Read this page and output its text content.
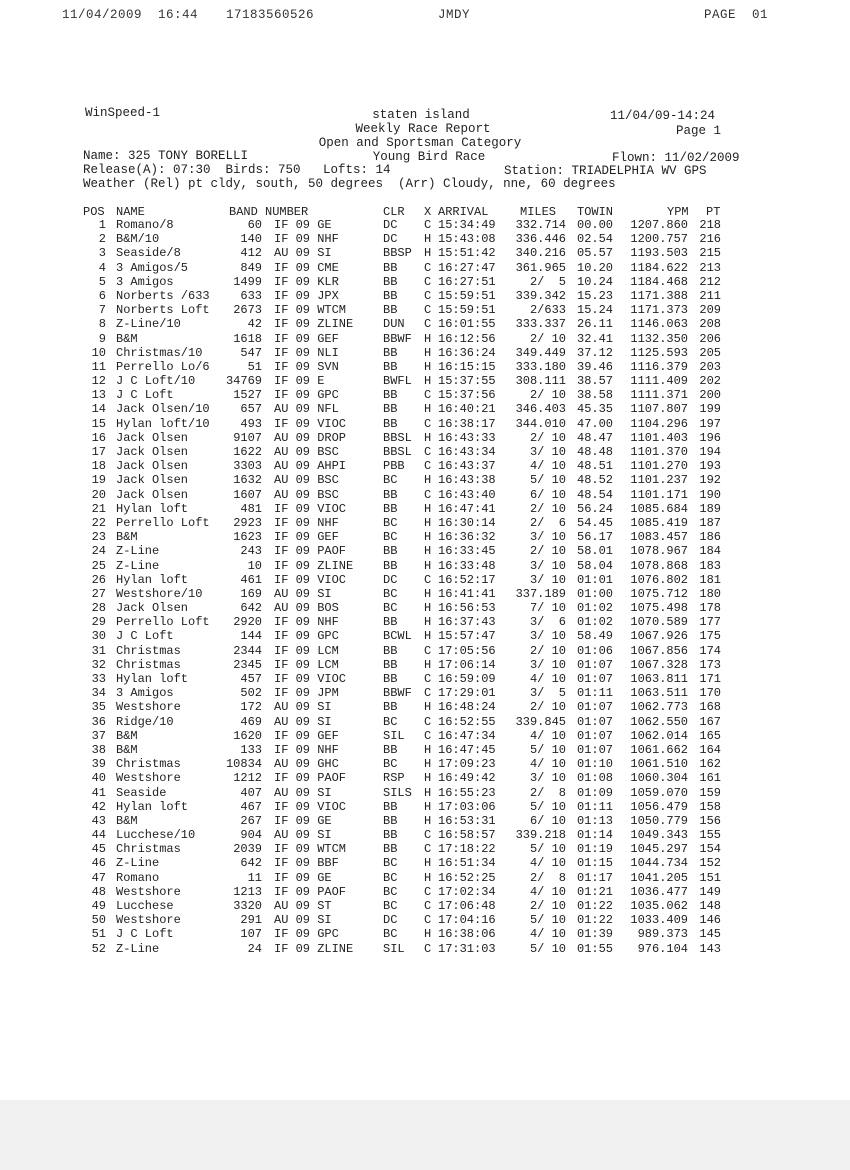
11/04/2009  16:44 17183560526	JMDY	PAGE  01
WinSpeed-1	staten island	11/04/09-14:24
Weekly Race Report	Page 1
Open and Sportsman Category
Name: 325 TONY BORELLI	Young Bird Race	Flown: 11/02/2009
Release(A): 07:30  Birds: 750   Lofts: 14	Station: TRIADELPHIA WV GPS
Weather (Rel) pt cldy, south, 50 degrees  (Arr) Cloudy, nne, 60 degrees
POS NAME	BAND NUMBER	CLR X ARRIVAL	MILES TOWIN	YPM PT
1 Romano/8	60 IF 09 GE	DC C 15:34:49 332.714 00.00 1207.860 218
2 B&M/10	140 IF 09 NHF	DC H 15:43:08 336.446 02.54 1200.757 216
3 Seaside/8	412 AU 09 SI	BBSP H 15:51:42 340.216 05.57 1193.503 215
4 3 Amigos/5	849 IF 09 CME	BB C 16:27:47 361.965 10.20 1184.622 213
5 3 Amigos	1499 IF 09 KLR	BB C 16:27:51	2/  5 10.24 1184.468 212
6 Norberts /633	633 IF 09 JPX	BB C 15:59:51 339.342 15.23 1171.388 211
7 Norberts Loft 2673 IF 09 WTCM	BB C 15:59:51	2/633 15.24 1171.373 209
8 Z-Line/10	42 IF 09 ZLINE DUN C 16:01:55 333.337 26.11 1146.063 208
9 B&M	1618 IF 09 GEF	BBWF H 16:12:56	2/ 10 32.41 1132.350 206
10 Christmas/10	547 IF 09 NLI	BB H 16:36:24 349.449 37.12 1125.593 205
11 Perrello Lo/6	51 IF 09 SVN	BB H 16:15:15 333.180 39.46 1116.379 203
12 J C Loft/10	34769 IF 09 E	BWFL H 15:37:55 308.111 38.57 1111.409 202
13 J C Loft	1527 IF 09 GPC	BB C 15:37:56	2/ 10 38.58 1111.371 200
14 Jack Olsen/10	657 AU 09 NFL	BB H 16:40:21 346.403 45.35 1107.807 199
15 Hylan loft/10	493 IF 09 VIOC	BB C 16:38:17 344.010 47.00 1104.296 197
16 Jack Olsen	9107 AU 09 DROP	BBSL H 16:43:33	2/ 10 48.47 1101.403 196
17 Jack Olsen	1622 AU 09 BSC	BBSL C 16:43:34	3/ 10 48.48 1101.370 194
18 Jack Olsen	3303 AU 09 AHPI	PBB C 16:43:37	4/ 10 48.51 1101.270 193
19 Jack Olsen	1632 AU 09 BSC	BC H 16:43:38	5/ 10 48.52 1101.237 192
20 Jack Olsen	1607 AU 09 BSC	BB C 16:43:40	6/ 10 48.54 1101.171 190
21 Hylan loft	481 IF 09 VIOC	BB H 16:47:41	2/ 10 56.24 1085.684 189
22 Perrello Loft 2923 IF 09 NHF	BC H 16:30:14	2/  6 54.45 1085.419 187
23 B&M	1623 IF 09 GEF	BC H 16:36:32	3/ 10 56.17 1083.457 186
24 Z-Line	243 IF 09 PAOF	BB H 16:33:45	2/ 10 58.01 1078.967 184
25 Z-Line	10 IF 09 ZLINE BB H 16:33:48	3/ 10 58.04 1078.868 183
26 Hylan loft	461 IF 09 VIOC	DC C 16:52:17	3/ 10 01:01 1076.802 181
27 Westshore/10	169 AU 09 SI	BC H 16:41:41 337.189 01:00 1075.712 180
28 Jack Olsen	642 AU 09 BOS	BC H 16:56:53	7/ 10 01:02 1075.498 178
29 Perrello Loft 2920 IF 09 NHF	BB H 16:37:43	3/  6 01:02 1070.589 177
30 J C Loft	144 IF 09 GPC	BCWL H 15:57:47	3/ 10 58.49 1067.926 175
31 Christmas	2344 IF 09 LCM	BB C 17:05:56	2/ 10 01:06 1067.856 174
32 Christmas	2345 IF 09 LCM	BB H 17:06:14	3/ 10 01:07 1067.328 173
33 Hylan loft	457 IF 09 VIOC	BB C 16:59:09	4/ 10 01:07 1063.811 171
34 3 Amigos	502 IF 09 JPM	BBWF C 17:29:01	3/  5 01:11 1063.511 170
35 Westshore	172 AU 09 SI	BB H 16:48:24	2/ 10 01:07 1062.773 168
36 Ridge/10	469 AU 09 SI	BC C 16:52:55 339.845 01:07 1062.550 167
37 B&M	1620 IF 09 GEF	SIL C 16:47:34	4/ 10 01:07 1062.014 165
38 B&M	133 IF 09 NHF	BB H 16:47:45	5/ 10 01:07 1061.662 164
39 Christmas	10834 AU 09 GHC	BC H 17:09:23	4/ 10 01:10 1061.510 162
40 Westshore	1212 IF 09 PAOF	RSP H 16:49:42	3/ 10 01:08 1060.304 161
41 Seaside	407 AU 09 SI	SILS H 16:55:23	2/  8 01:09 1059.070 159
42 Hylan loft	467 IF 09 VIOC	BB H 17:03:06	5/ 10 01:11 1056.479 158
43 B&M	267 IF 09 GE	BB H 16:53:31	6/ 10 01:13 1050.779 156
44 Lucchese/10	904 AU 09 SI	BB C 16:58:57 339.218 01:14 1049.343 155
45 Christmas	2039 IF 09 WTCM	BB C 17:18:22	5/ 10 01:19 1045.297 154
46 Z-Line	642 IF 09 BBF	BC H 16:51:34	4/ 10 01:15 1044.734 152
47 Romano	11 IF 09 GE	BC H 16:52:25	2/  8 01:17 1041.205 151
48 Westshore	1213 IF 09 PAOF	BC C 17:02:34	4/ 10 01:21 1036.477 149
49 Lucchese	3320 AU 09 ST	BC C 17:06:48	2/ 10 01:22 1035.062 148
50 Westshore	291 AU 09 SI	DC C 17:04:16	5/ 10 01:22 1033.409 146
51 J C Loft	107 IF 09 GPC	BC H 16:38:06	4/ 10 01:39 989.373 145
52 Z-Line	24 IF 09 ZLINE SIL C 17:31:03	5/ 10 01:55 976.104 143
